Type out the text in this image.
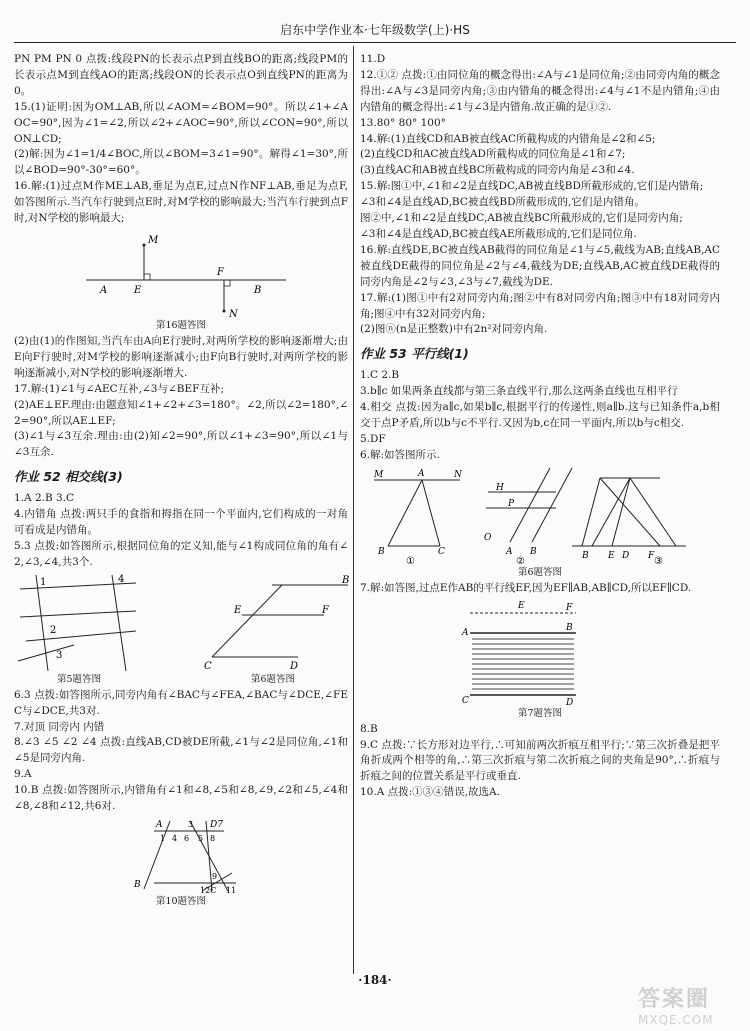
启东中学作业本·七年级数学(上)·HS

PN PM PN 0 点拨:线段PN的长表示点P到直线BO的距离;线段PM的长表示点M到直线AO的距离;线段ON的长表示点O到直线PN的距离为0。

15.(1)证明:因为OM⊥AB,所以∠AOM=∠BOM=90°。所以∠1+∠AOC=90°,因为∠1=∠2,所以∠2+∠AOC=90°,所以∠CON=90°,所以ON⊥CD;

(2)解:因为∠1=1/4∠BOC,所以∠BOM=3∠1=90°。解得∠1=30°,所以∠BOD=90°-30°=60°。

16.解:(1)过点M作ME⊥AB,垂足为点E,过点N作NF⊥AB,垂足为点F,如答图所示.当汽车行驶到点E时,对M学校的影响最大;当汽车行驶到点F时,对N学校的影响最大;

M
A	E
F
B
N
第16题答图

(2)由(1)的作图知,当汽车由A向E行驶时,对两所学校的影响逐渐增大;由E向F行驶时,对M学校的影响逐渐减小;由F向B行驶时,对两所学校的影响逐渐减小,对N学校的影响逐渐增大.

17.解:(1)∠1与∠AEC互补,∠3与∠BEF互补;

(2)AE⊥EF.理由:由题意知∠1+∠2+∠3=180°。∠2,所以∠2=180°,∠2=90°,所以AE⊥EF;

(3)∠1与∠3互余.理由:由(2)知∠2=90°,所以∠1+∠3=90°,所以∠1与∠3互余.

作业 52 相交线(3)

1.A 2.B 3.C

4.内错角 点拨:两只手的食指和拇指在同一个平面内,它们构成的一对角可看成是内错角。

5.3 点拨:如答图所示,根据同位角的定义知,能与∠1构成同位角的角有∠2,∠3,∠4,共3个.

1	4
2
3
第5题答图
B
E	F
C	D
第6题答图

6.3 点拨:如答图所示,同旁内角有∠BAC与∠FEA,∠BAC与∠DCE,∠FEC与∠DCE,共3对.

7.对顶 同旁内 内错

8.∠3 ∠5 ∠2 ∠4 点拨:直线AB,CD被DE所截,∠1与∠2是同位角,∠1和∠5是同旁内角.

9.A

10.B 点拨:如答图所示,内错角有∠1和∠8,∠5和∠8,∠9,∠2和∠5,∠4和∠8,∠8和∠12,共6对.

A
1 4
3
5
6
D7
8
B
9
12C 11
第10题答图

11.D

12.①② 点拨:①由同位角的概念得出:∠A与∠1是同位角;②由同旁内角的概念得出:∠A与∠3是同旁内角;③由内错角的概念得出:∠4与∠1不是内错角;④由内错角的概念得出:∠1与∠3是内错角.故正确的是①②.

13.80° 80° 100°

14.解:(1)直线CD和AB被直线AC所截构成的内错角是∠2和∠5;

(2)直线CD和AC被直线AD所截构成的同位角是∠1和∠7;

(3)直线AC和AB被直线BC所截构成的同旁内角是∠3和∠4.

15.解:图①中,∠1和∠2是直线DC,AB被直线BD所截形成的,它们是内错角;

∠3和∠4是直线AD,BC被直线BD所截形成的,它们是内错角。

图②中,∠1和∠2是直线DC,AB被直线BC所截形成的,它们是同旁内角;

∠3和∠4是直线AD,BC被直线AE所截形成的,它们是同位角.

16.解:直线DE,BC被直线AB截得的同位角是∠1与∠5,截线为AB;直线AB,AC被直线DE截得的同位角是∠2与∠4,截线为DE;直线AB,AC被直线DE截得的同旁内角是∠2与∠3,∠3与∠7,截线为DE.

17.解:(1)图①中有2对同旁内角;图②中有8对同旁内角;图③中有18对同旁内角;图④中有32对同旁内角;

(2)图ⓝ(n是正整数)中有2n²对同旁内角.

作业 53 平行线(1)

1.C 2.B

3.b∥c 如果两条直线都与第三条直线平行,那么这两条直线也互相平行

4.相交 点拨:因为a∥c,如果b∥c,根据平行的传递性,则a∥b.这与已知条件a,b相交于点P矛盾,所以b与c不平行.又因为b,c在同一平面内,所以b与c相交.

5.DF

6.解:如答图所示.

M	A	N
B	C
①
H
P
O
A B
②	B E D F ③
第6题答图

7.解:如答图,过点E作AB的平行线EF,因为EF∥AB,AB∥CD,所以EF∥CD.

E	F
A	B
C	D
第7题答图

8.B

9.C 点拨:∵长方形对边平行,∴可知前两次折痕互相平行;∵第三次折叠是把平角折成两个相等的角,∴第三次折痕与第二次折痕之间的夹角是90°,∴折痕与折痕之间的位置关系是平行或垂直.

10.A 点拨:①③④错误,故选A.

·184·
答案圈
MXQE.COM
